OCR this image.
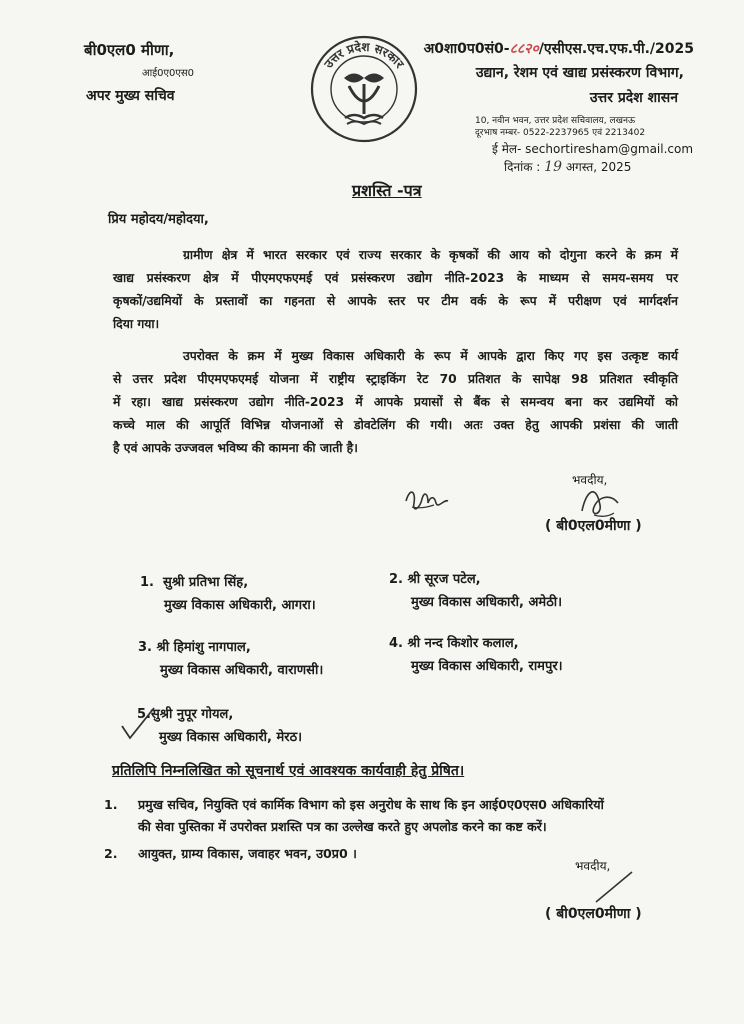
बी0एल0 मीणा,
आई0ए0एस0
अपर मुख्य सचिव
उत्तर प्रदेश सरकार
अ0शा0प0सं0-८८२०/एसीएस.एच.एफ.पी./2025
उद्यान, रेशम एवं खाद्य प्रसंस्करण विभाग,
उत्तर प्रदेश शासन
10, नवीन भवन, उत्तर प्रदेश सचिवालय, लखनऊ
दूरभाष नम्बर- 0522-2237965 एवं 2213402
ई मेल- sechortiresham@gmail.com
दिनांक : 19 अगस्त, 2025
प्रशस्ति -पत्र
प्रिय महोदय/महोदया,
ग्रामीण क्षेत्र में भारत सरकार एवं राज्य सरकार के कृषकों की आय को दोगुना करने के क्रम में
खाद्य प्रसंस्करण क्षेत्र में पीएमएफएमई एवं प्रसंस्करण उद्योग नीति-2023 के माध्यम से समय-समय पर
कृषकों/उद्यमियों के प्रस्तावों का गहनता से आपके स्तर पर टीम वर्क के रूप में परीक्षण एवं मार्गदर्शन
दिया गया।
उपरोक्त के क्रम में मुख्य विकास अधिकारी के रूप में आपके द्वारा किए गए इस उत्कृष्ट कार्य
से उत्तर प्रदेश पीएमएफएमई योजना में राष्ट्रीय स्ट्राइकिंग रेट 70 प्रतिशत के सापेक्ष 98 प्रतिशत स्वीकृति
में रहा। खाद्य प्रसंस्करण उद्योग नीति-2023 में आपके प्रयासों से बैंक से समन्वय बना कर उद्यमियों को
कच्चे माल की आपूर्ति विभिन्न योजनाओं से डोवटेलिंग की गयी। अतः उक्त हेतु आपकी प्रशंसा की जाती
है एवं आपके उज्जवल भविष्य की कामना की जाती है।
भवदीय,
( बी0एल0मीणा )
1. सुश्री प्रतिभा सिंह,
मुख्य विकास अधिकारी, आगरा।
2. श्री सूरज पटेल,
मुख्य विकास अधिकारी, अमेठी।
3. श्री हिमांशु नागपाल,
मुख्य विकास अधिकारी, वाराणसी।
4. श्री नन्द किशोर कलाल,
मुख्य विकास अधिकारी, रामपुर।
5.सुश्री नुपूर गोयल,
मुख्य विकास अधिकारी, मेरठ।
प्रतिलिपि निम्नलिखित को सूचनार्थ एवं आवश्यक कार्यवाही हेतु प्रेषित।
1. प्रमुख सचिव, नियुक्ति एवं कार्मिक विभाग को इस अनुरोध के साथ कि इन आई0ए0एस0 अधिकारियों
की सेवा पुस्तिका में उपरोक्त प्रशस्ति पत्र का उल्लेख करते हुए अपलोड करने का कष्ट करें।
2. आयुक्त, ग्राम्य विकास, जवाहर भवन, उ0प्र0 ।
भवदीय,
( बी0एल0मीणा )
